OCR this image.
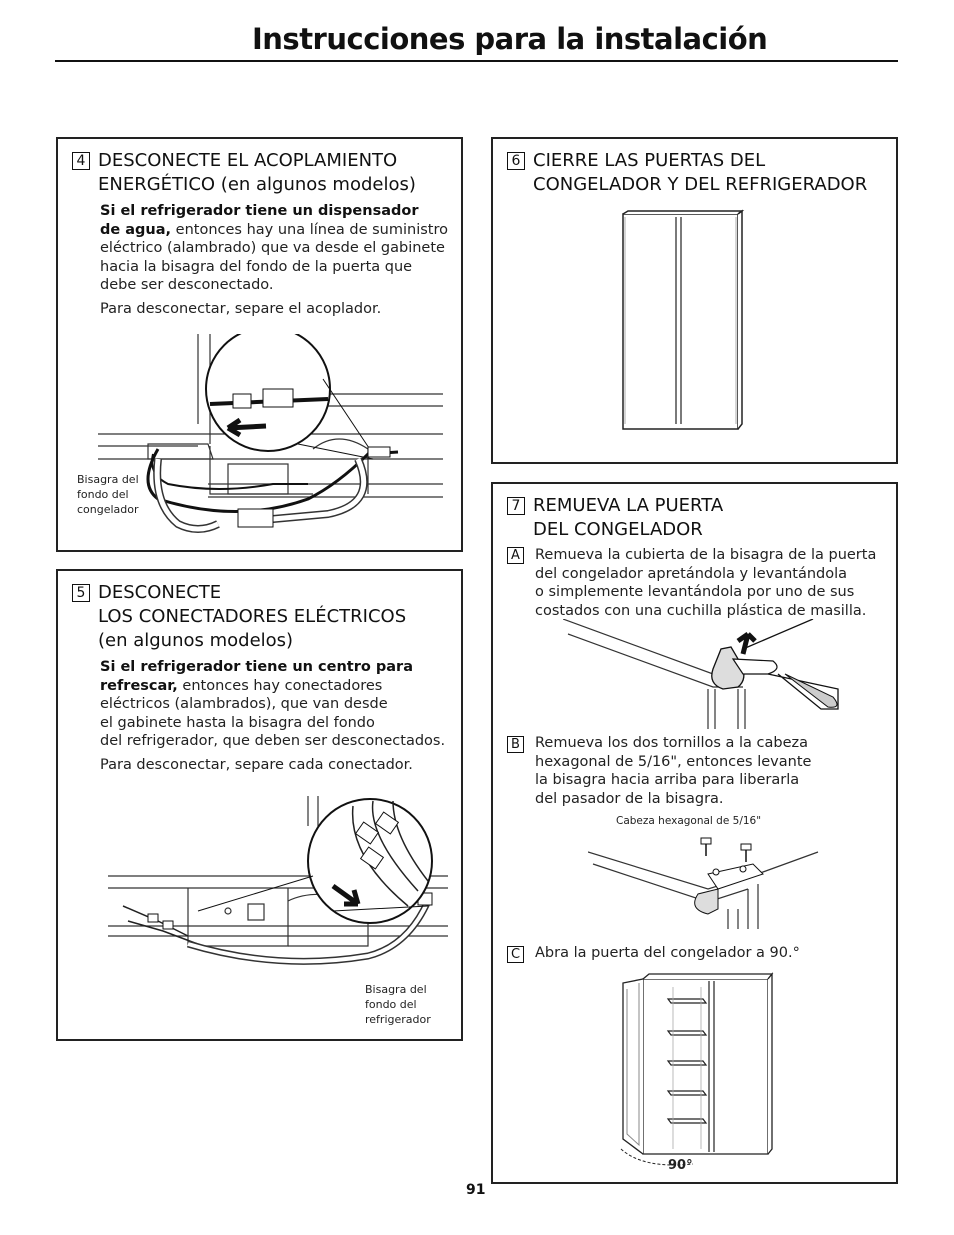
Instrucciones para la instalación
4 DESCONECTE EL ACOPLAMIENTO
ENERGÉTICO (en algunos modelos)
Si el refrigerador tiene un dispensador
de agua, entonces hay una línea de suministro
eléctrico (alambrado) que va desde el gabinete
hacia la bisagra del fondo de la puerta que
debe ser desconectado.
Para desconectar, separe el acoplador.
Bisagra del
fondo del
congelador
5 DESCONECTE
LOS CONECTADORES ELÉCTRICOS
(en algunos modelos)
Si el refrigerador tiene un centro para
refrescar, entonces hay conectadores
eléctricos (alambrados), que van desde
el gabinete hasta la bisagra del fondo
del refrigerador, que deben ser desconectados.
Para desconectar, separe cada conectador.
Bisagra del
fondo del
refrigerador
6 CIERRE LAS PUERTAS DEL
CONGELADOR Y DEL REFRIGERADOR
7 REMUEVA LA PUERTA
DEL CONGELADOR
A Remueva la cubierta de la bisagra de la puerta
del congelador apretándola y levantándola
o simplemente levantándola por uno de sus
costados con una cuchilla plástica de masilla.
B Remueva los dos tornillos a la cabeza
hexagonal de 5/16", entonces levante
la bisagra hacia arriba para liberarla
del pasador de la bisagra.
Cabeza hexagonal de 5/16"
C Abra la puerta del congelador a 90.°
90°
91
